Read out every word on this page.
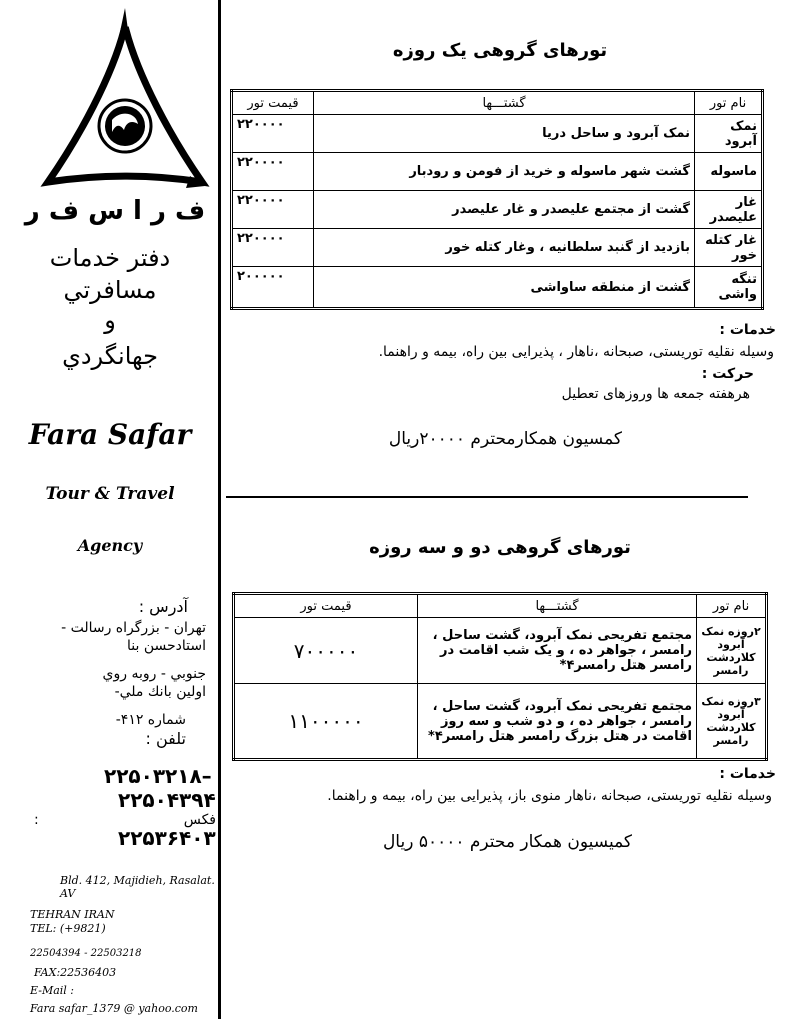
ف ر ا س ف ر
دفتر خدمات
مسافرتي
و
جهانگردي
Fara Safar
Tour & Travel
Agency
آدرس :
تهران - بزرگراه رسالت -
استادحسن بنا
جنوبي - روبه روي
اولين بانك ملي-
شماره ۴۱۲-
تلفن :
۲۲۵۰۳۲۱۸–
۲۲۵۰۴۳۹۴
فکس
:
۲۲۵۳۶۴۰۳
Bld. 412, Majidieh, Rasalat. AV
TEHRAN IRAN
TEL: (+9821)
22504394 - 22503218
FAX:22536403
E-Mail :
Fara safar_1379 @ yahoo.com
تورهای گروهی یک روزه
نام تور	گشتـــها	قیمت تور
نمک آبرود	نمک آبرود و ساحل دریا	۲۲۰۰۰۰
ماسوله	گشت شهر ماسوله و خرید از فومن و رودبار	۲۲۰۰۰۰
غار علیصدر	گشت از مجتمع علیصدر و غار علیصدر	۲۲۰۰۰۰
غار کتله خور	بازدید از گنبد سلطانیه ، وغار کتله خور	۲۲۰۰۰۰
تنگه واشی	گشت از منطقه ساواشی	۲۰۰۰۰۰
خدمات :
وسیله نقلیه توریستی، صبحانه ،ناهار ، پذیرایی بین راه، بیمه و راهنما.
حرکت :
هرهفته جمعه ها وروزهای تعطیل
کمسیون همکارمحترم ۲۰۰۰۰ریال
تورهای گروهی دو و سه روزه
نام تور	گشتـــها	قیمت تور
۲روزه نمک آبرود کلاردشت رامسر	مجتمع تفریحی نمک آبرود، گشت ساحل ، رامسر ، جواهر ده ، و یک شب اقامت در رامسر هتل رامسر۴*	۷۰۰۰۰۰
۳روزه نمک آبرود کلاردشت رامسر	مجتمع تفریحی نمک آبرود، گشت ساحل ، رامسر ، جواهر ده ، و دو شب و سه روز اقامت در هتل بزرگ رامسر هتل رامسر۴*	۱۱۰۰۰۰۰
خدمات :
وسیله نقلیه توریستی، صبحانه ،ناهار منوی باز، پذیرایی بین راه، بیمه و راهنما.
کمیسیون همکار محترم ۵۰۰۰۰ ریال
